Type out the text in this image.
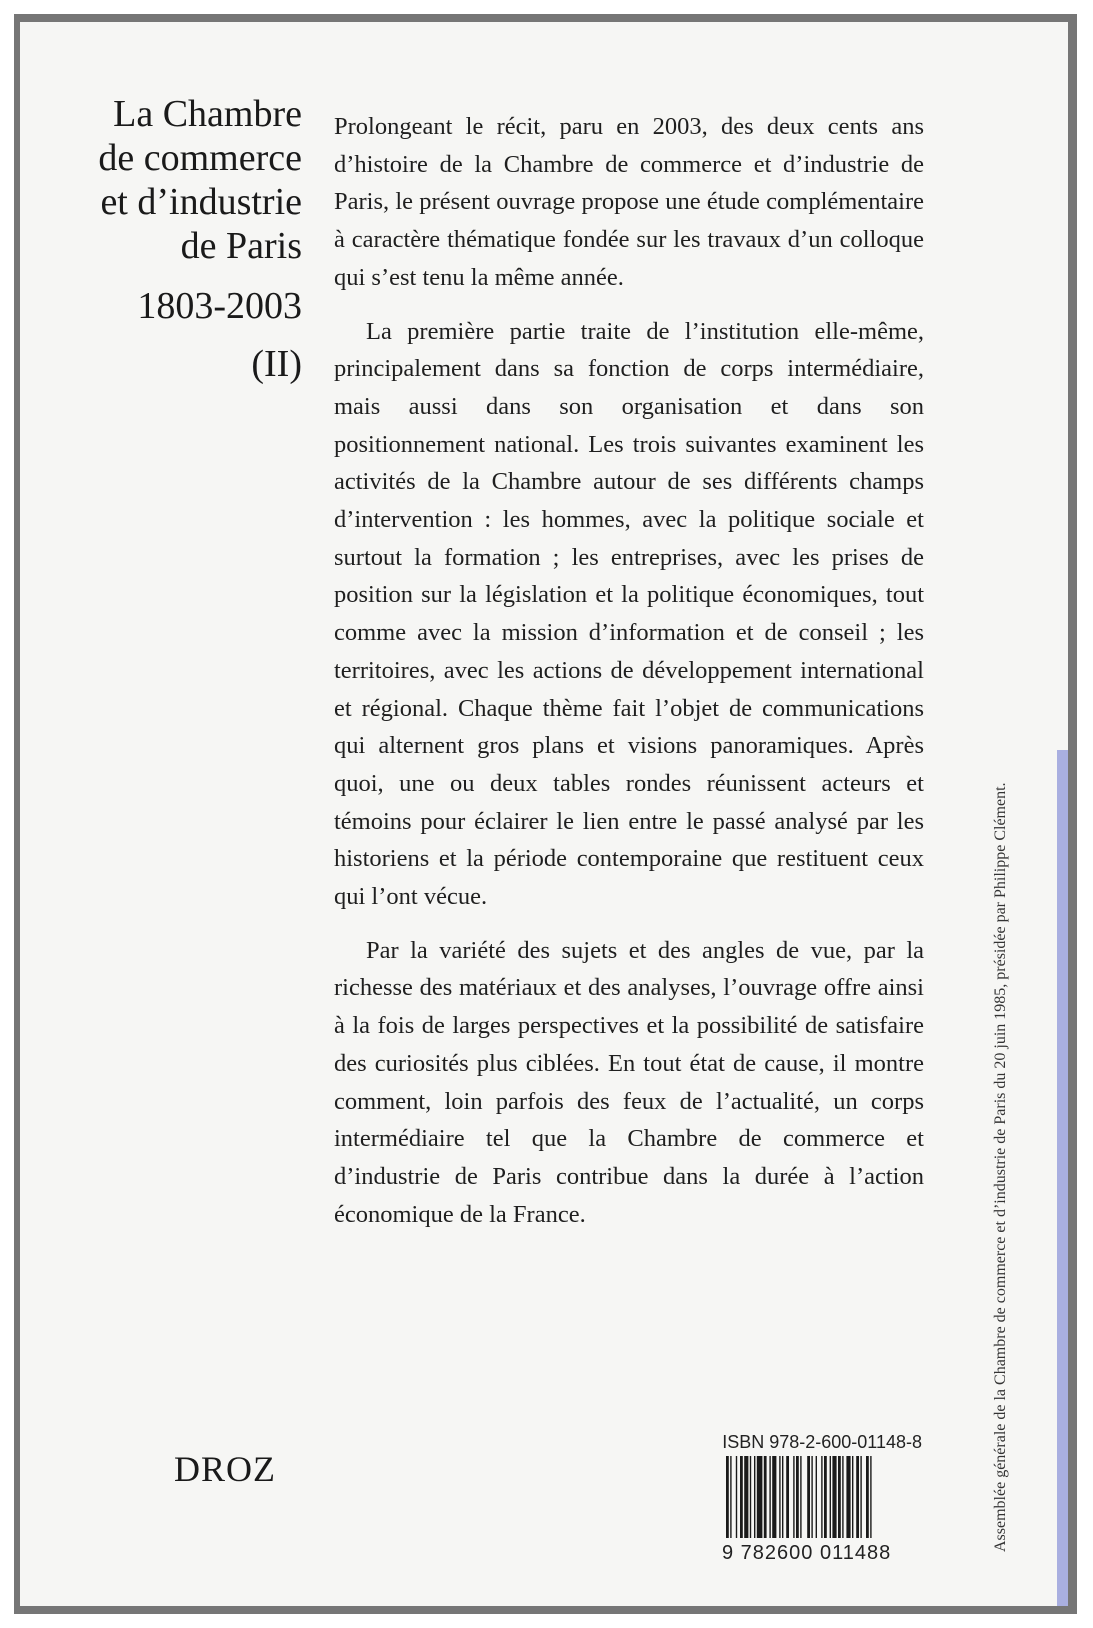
La Chambre
de commerce
et d’industrie
de Paris
1803-2003
(II)

Prolongeant le récit, paru en 2003, des deux cents ans d’histoire de la Chambre de commerce et d’industrie de Paris, le présent ouvrage propose une étude complémentaire à caractère thématique fondée sur les travaux d’un colloque qui s’est tenu la même année.

La première partie traite de l’institution elle-même, principalement dans sa fonction de corps intermédiaire, mais aussi dans son organisation et dans son positionnement national. Les trois suivantes examinent les activités de la Chambre autour de ses différents champs d’intervention : les hommes, avec la politique sociale et surtout la formation ; les entreprises, avec les prises de position sur la législation et la politique économiques, tout comme avec la mission d’information et de conseil ; les territoires, avec les actions de développement international et régional. Chaque thème fait l’objet de communications qui alternent gros plans et visions panoramiques. Après quoi, une ou deux tables rondes réunissent acteurs et témoins pour éclairer le lien entre le passé analysé par les historiens et la période contemporaine que restituent ceux qui l’ont vécue.

Par la variété des sujets et des angles de vue, par la richesse des matériaux et des analyses, l’ouvrage offre ainsi à la fois de larges perspectives et la possibilité de satisfaire des curiosités plus ciblées. En tout état de cause, il montre comment, loin parfois des feux de l’actualité, un corps intermédiaire tel que la Chambre de commerce et d’industrie de Paris contribue dans la durée à l’action économique de la France.

DROZ
ISBN 978-2-600-01148-8
9 782600 011488
Assemblée générale de la Chambre de commerce et d’industrie de Paris du 20 juin 1985, présidée par Philippe Clément.
